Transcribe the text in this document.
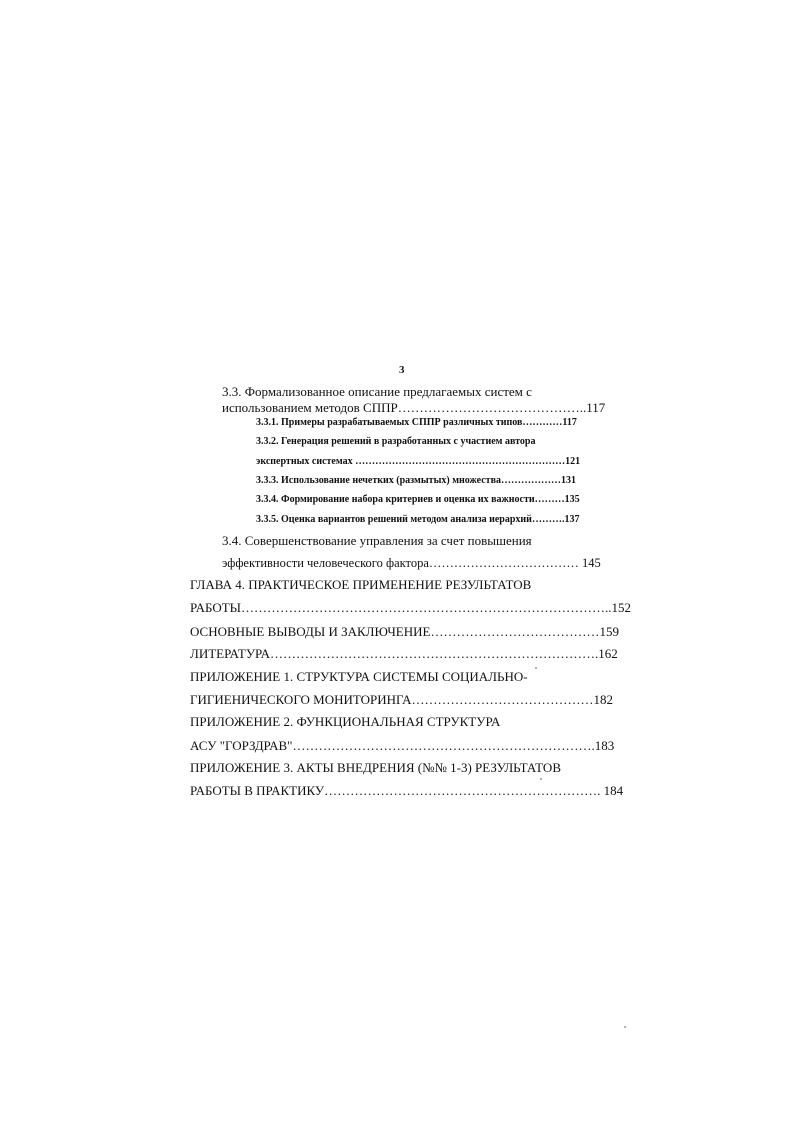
3
3.3. Формализованное описание предлагаемых систем с
использованием методов СППР……………………………………..117
3.3.1. Примеры разрабатываемых СППР различных типов…………117
3.3.2. Генерация решений в разработанных с участием автора
экспертных системах ………………………………………………………121
3.3.3. Использование нечетких (размытых) множества………………131
3.3.4. Формирование набора критериев и оценка их важности………135
3.3.5. Оценка вариантов решений методом анализа иерархий……….137
3.4. Совершенствование управления за счет повышения
эффективности человеческого фактора……………………………… 145
ГЛАВА 4. ПРАКТИЧЕСКОЕ ПРИМЕНЕНИЕ РЕЗУЛЬТАТОВ
РАБОТЫ…………………………………………………………………………..152
ОСНОВНЫЕ ВЫВОДЫ И ЗАКЛЮЧЕНИЕ…………………………………159
ЛИТЕРАТУРА………………………………………………………………….162
ПРИЛОЖЕНИЕ 1. СТРУКТУРА СИСТЕМЫ СОЦИАЛЬНО-
ГИГИЕНИЧЕСКОГО МОНИТОРИНГА……………………………………182
ПРИЛОЖЕНИЕ 2. ФУНКЦИОНАЛЬНАЯ СТРУКТУРА
АСУ "ГОРЗДРАВ"…………………………………………………………….183
ПРИЛОЖЕНИЕ 3. АКТЫ ВНЕДРЕНИЯ (№№ 1-3) РЕЗУЛЬТАТОВ
РАБОТЫ В ПРАКТИКУ………………………………………………………. 184
